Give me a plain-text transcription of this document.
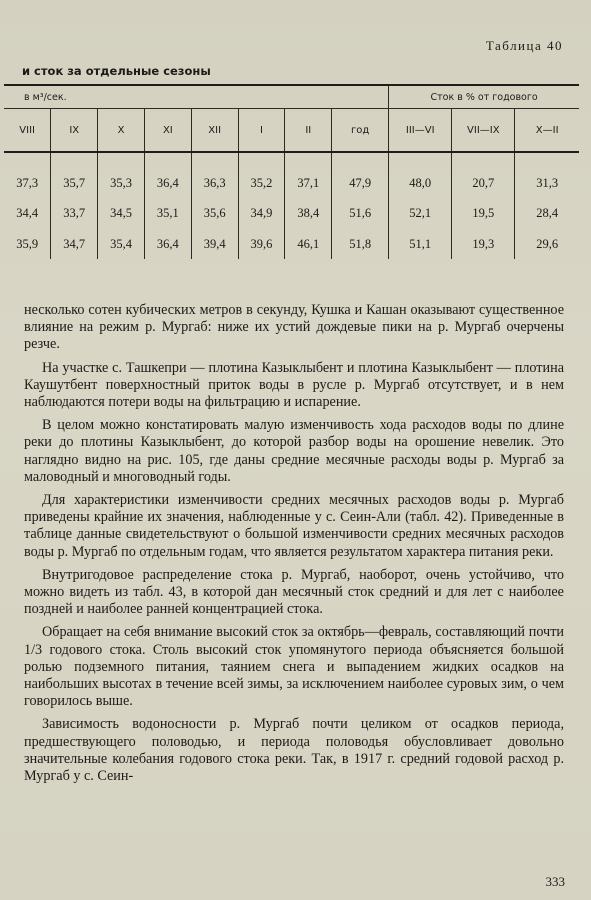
Таблица 40
и сток за отдельные сезоны
в м³/сек.								Сток в % от годового		
VIII	IX	X	XI	XII	I	II	год	III—VI	VII—IX	X—II
37,3	35,7	35,3	36,4	36,3	35,2	37,1	47,9	48,0	20,7	31,3
34,4	33,7	34,5	35,1	35,6	34,9	38,4	51,6	52,1	19,5	28,4
35,9	34,7	35,4	36,4	39,4	39,6	46,1	51,8	51,1	19,3	29,6

несколько сотен кубических метров в секунду, Кушка и Кашан оказывают существенное влияние на режим р. Мургаб: ниже их устий дождевые пики на р. Мургаб очерчены резче.

На участке с. Ташкепри — плотина Казыклыбент и плотина Казыклыбент — плотина Каушутбент поверхностный приток воды в русле р. Мургаб отсутствует, и в нем наблюдаются потери воды на фильтрацию и испарение.

В целом можно констатировать малую изменчивость хода расходов воды по длине реки до плотины Казыклыбент, до которой разбор воды на орошение невелик. Это наглядно видно на рис. 105, где даны средние месячные расходы воды р. Мургаб за маловодный и многоводный годы.

Для характеристики изменчивости средних месячных расходов воды р. Мургаб приведены крайние их значения, наблюденные у с. Сеин-Али (табл. 42). Приведенные в таблице данные свидетельствуют о большой изменчивости средних месячных расходов воды р. Мургаб по отдельным годам, что является результатом характера питания реки.

Внутригодовое распределение стока р. Мургаб, наоборот, очень устойчиво, что можно видеть из табл. 43, в которой дан месячный сток средний и для лет с наиболее поздней и наиболее ранней концентрацией стока.

Обращает на себя внимание высокий сток за октябрь—февраль, составляющий почти 1/3 годового стока. Столь высокий сток упомянутого периода объясняется большой ролью подземного питания, таянием снега и выпадением жидких осадков на наибольших высотах в течение всей зимы, за исключением наиболее суровых зим, о чем говорилось выше.

Зависимость водоносности р. Мургаб почти целиком от осадков периода, предшествующего половодью, и периода половодья обусловливает довольно значительные колебания годового стока реки. Так, в 1917 г. средний годовой расход р. Мургаб у с. Сеин-

333
